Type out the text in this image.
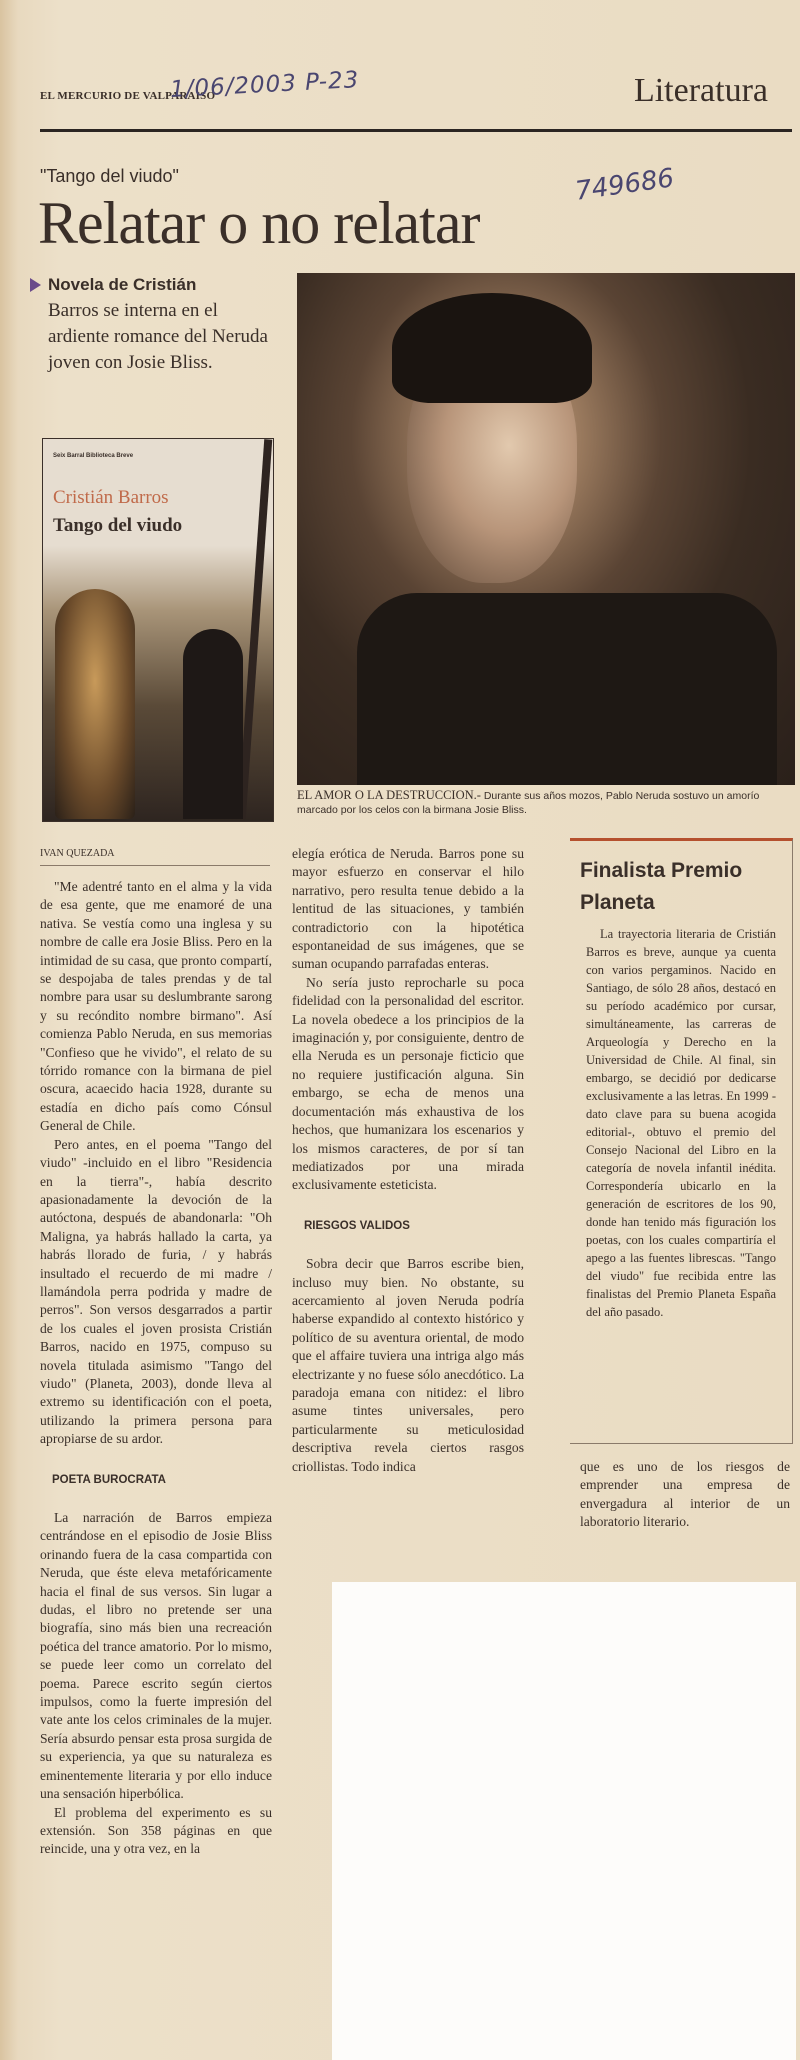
EL MERCURIO DE VALPARAISO
1/06/2003 P-23	Literatura
"Tango del viudo"
Relatar o no relatar
749686
Novela de Cristián
Barros se interna en el ardiente romance del Neruda joven con Josie Bliss.
Seix Barral Biblioteca Breve
Cristián Barros
Tango del viudo
EL AMOR O LA DESTRUCCION.- Durante sus años mozos, Pablo Neruda sostuvo un amorío marcado por los celos con la birmana Josie Bliss.
IVAN QUEZADA

"Me adentré tanto en el alma y la vida de esa gente, que me enamoré de una nativa. Se vestía como una inglesa y su nombre de calle era Josie Bliss. Pero en la intimidad de su casa, que pronto compartí, se despojaba de tales prendas y de tal nombre para usar su deslumbrante sarong y su recóndito nombre birmano". Así comienza Pablo Neruda, en sus memorias "Confieso que he vivido", el relato de su tórrido romance con la birmana de piel oscura, acaecido hacia 1928, durante su estadía en dicho país como Cónsul General de Chile.

Pero antes, en el poema "Tango del viudo" -incluido en el libro "Residencia en la tierra"-, había descrito apasionadamente la devoción de la autóctona, después de abandonarla: "Oh Maligna, ya habrás hallado la carta, ya habrás llorado de furia, / y habrás insultado el recuerdo de mi madre / llamándola perra podrida y madre de perros". Son versos desgarrados a partir de los cuales el joven prosista Cristián Barros, nacido en 1975, compuso su novela titulada asimismo "Tango del viudo" (Planeta, 2003), donde lleva al extremo su identificación con el poeta, utilizando la primera persona para apropiarse de su ardor.

POETA BUROCRATA

La narración de Barros empieza centrándose en el episodio de Josie Bliss orinando fuera de la casa compartida con Neruda, que éste eleva metafóricamente hacia el final de sus versos. Sin lugar a dudas, el libro no pretende ser una biografía, sino más bien una recreación poética del trance amatorio. Por lo mismo, se puede leer como un correlato del poema. Parece escrito según ciertos impulsos, como la fuerte impresión del vate ante los celos criminales de la mujer. Sería absurdo pensar esta prosa surgida de su experiencia, ya que su naturaleza es eminentemente literaria y por ello induce una sensación hiperbólica.

El problema del experimento es su extensión. Son 358 páginas en que reincide, una y otra vez, en la

elegía erótica de Neruda. Barros pone su mayor esfuerzo en conservar el hilo narrativo, pero resulta tenue debido a la lentitud de las situaciones, y también contradictorio con la hipotética espontaneidad de sus imágenes, que se suman ocupando parrafadas enteras.

No sería justo reprocharle su poca fidelidad con la personalidad del escritor. La novela obedece a los principios de la imaginación y, por consiguiente, dentro de ella Neruda es un personaje ficticio que no requiere justificación alguna. Sin embargo, se echa de menos una documentación más exhaustiva de los hechos, que humanizara los escenarios y los mismos caracteres, de por sí tan mediatizados por una mirada exclusivamente esteticista.

RIESGOS VALIDOS

Sobra decir que Barros escribe bien, incluso muy bien. No obstante, su acercamiento al joven Neruda podría haberse expandido al contexto histórico y político de su aventura oriental, de modo que el affaire tuviera una intriga algo más electrizante y no fuese sólo anecdótico. La paradoja emana con nitidez: el libro asume tintes universales, pero particularmente su meticulosidad descriptiva revela ciertos rasgos criollistas. Todo indica

Finalista Premio Planeta

La trayectoria literaria de Cristián Barros es breve, aunque ya cuenta con varios pergaminos. Nacido en Santiago, de sólo 28 años, destacó en su período académico por cursar, simultáneamente, las carreras de Arqueología y Derecho en la Universidad de Chile. Al final, sin embargo, se decidió por dedicarse exclusivamente a las letras. En 1999 -dato clave para su buena acogida editorial-, obtuvo el premio del Consejo Nacional del Libro en la categoría de novela infantil inédita. Correspondería ubicarlo en la generación de escritores de los 90, donde han tenido más figuración los poetas, con los cuales compartiría el apego a las fuentes librescas. "Tango del viudo" fue recibida entre las finalistas del Premio Planeta España del año pasado.

que es uno de los riesgos de emprender una empresa de envergadura al interior de un laboratorio literario.
